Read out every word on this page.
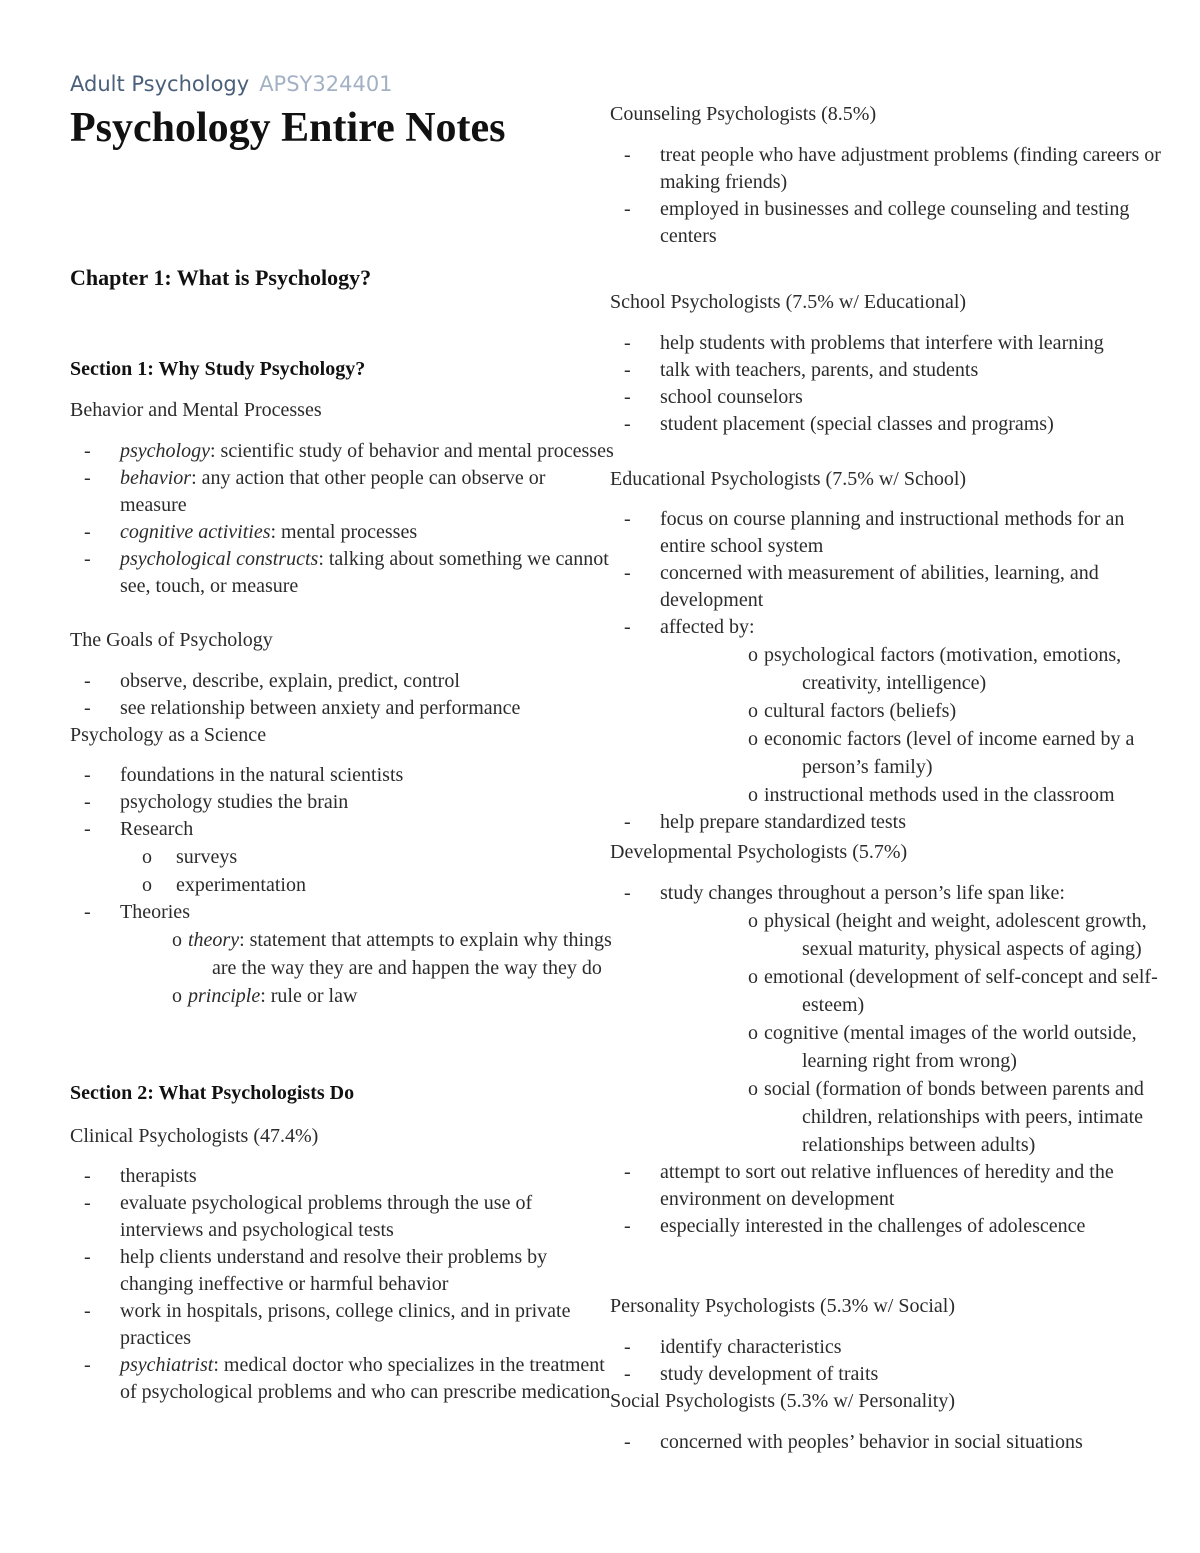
Adult Psychology APSY324401
Psychology Entire Notes
Chapter 1: What is Psychology?
Section 1: Why Study Psychology?
Behavior and Mental Processes
- psychology: scientific study of behavior and mental processes
- behavior: any action that other people can observe or measure
- cognitive activities: mental processes
- psychological constructs: talking about something we cannot see, touch, or measure
The Goals of Psychology
- observe, describe, explain, predict, control
- see relationship between anxiety and performance
Psychology as a Science
- foundations in the natural scientists
- psychology studies the brain
- Research
o surveys
o experimentation
- Theories
o theory: statement that attempts to explain why things are the way they are and happen the way they do
o principle: rule or law
Section 2: What Psychologists Do
Clinical Psychologists (47.4%)
- therapists
- evaluate psychological problems through the use of interviews and psychological tests
- help clients understand and resolve their problems by changing ineffective or harmful behavior
- work in hospitals, prisons, college clinics, and in private practices
- psychiatrist: medical doctor who specializes in the treatment of psychological problems and who can prescribe medication
Counseling Psychologists (8.5%)
- treat people who have adjustment problems (finding careers or making friends)
- employed in businesses and college counseling and testing centers
School Psychologists (7.5% w/ Educational)
- help students with problems that interfere with learning
- talk with teachers, parents, and students
- school counselors
- student placement (special classes and programs)
Educational Psychologists (7.5% w/ School)
- focus on course planning and instructional methods for an entire school system
- concerned with measurement of abilities, learning, and development
- affected by:
o psychological factors (motivation, emotions, creativity, intelligence)
o cultural factors (beliefs)
o economic factors (level of income earned by a person’s family)
o instructional methods used in the classroom
- help prepare standardized tests
Developmental Psychologists (5.7%)
- study changes throughout a person’s life span like:
o physical (height and weight, adolescent growth, sexual maturity, physical aspects of aging)
o emotional (development of self-concept and self-esteem)
o cognitive (mental images of the world outside, learning right from wrong)
o social (formation of bonds between parents and children, relationships with peers, intimate relationships between adults)
- attempt to sort out relative influences of heredity and the environment on development
- especially interested in the challenges of adolescence
Personality Psychologists (5.3% w/ Social)
- identify characteristics
- study development of traits
Social Psychologists (5.3% w/ Personality)
- concerned with peoples’ behavior in social situations
